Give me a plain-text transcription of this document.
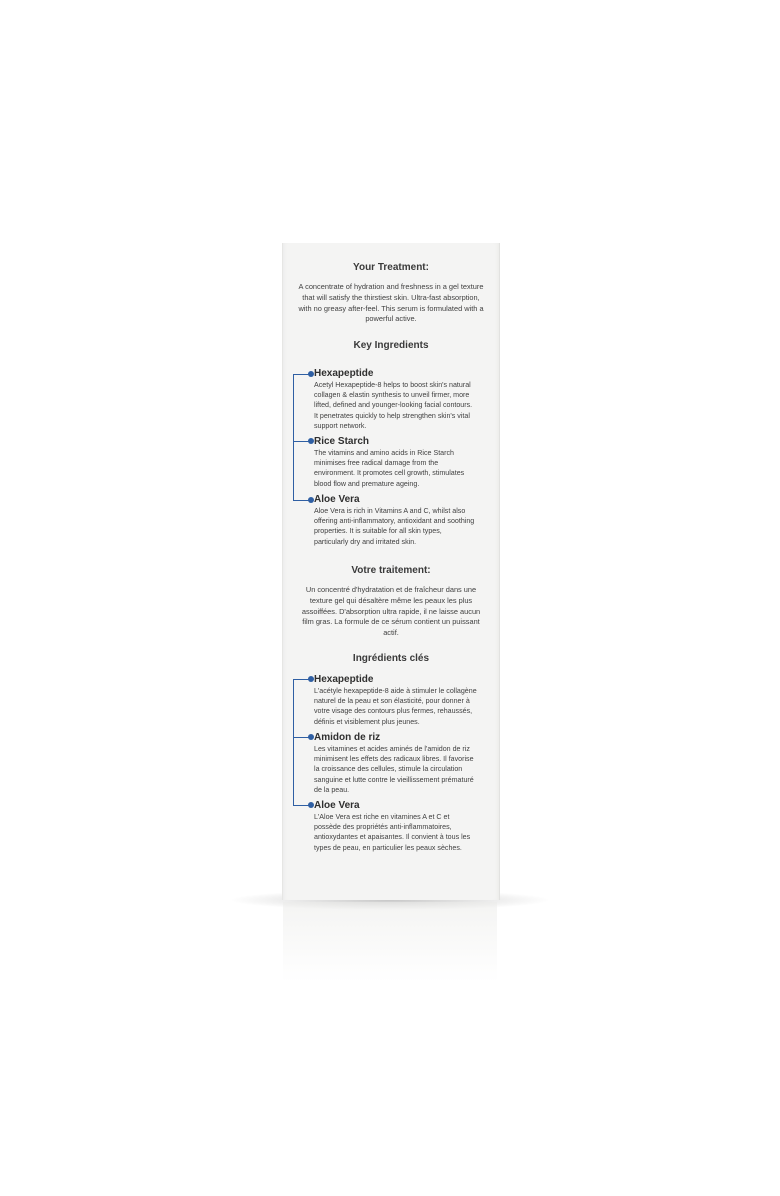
Your Treatment:
A concentrate of hydration and freshness in a gel texture
that will satisfy the thirstiest skin. Ultra-fast absorption,
with no greasy after-feel. This serum is formulated with a
powerful active.
Key Ingredients
Hexapeptide
Acetyl Hexapeptide-8 helps to boost skin's natural
collagen & elastin synthesis to unveil firmer, more
lifted, defined and younger-looking facial contours.
It penetrates quickly to help strengthen skin's vital
support network.
Rice Starch
The vitamins and amino acids in Rice Starch
minimises free radical damage from the
environment. It promotes cell growth, stimulates
blood flow and premature ageing.
Aloe Vera
Aloe Vera is rich in Vitamins A and C, whilst also
offering anti-inflammatory, antioxidant and soothing
properties. It is suitable for all skin types,
particularly dry and irritated skin.
Votre traitement:
Un concentré d'hydratation et de fraîcheur dans une
texture gel qui désaltère même les peaux les plus
assoiffées. D'absorption ultra rapide, il ne laisse aucun
film gras. La formule de ce sérum contient un puissant
actif.
Ingrédients clés
Hexapeptide
L'acétyle hexapeptide-8 aide à stimuler le collagène
naturel de la peau et son élasticité, pour donner à
votre visage des contours plus fermes, rehaussés,
définis et visiblement plus jeunes.
Amidon de riz
Les vitamines et acides aminés de l'amidon de riz
minimisent les effets des radicaux libres. Il favorise
la croissance des cellules, stimule la circulation
sanguine et lutte contre le vieillissement prématuré
de la peau.
Aloe Vera
L'Aloe Vera est riche en vitamines A et C et
possède des propriétés anti-inflammatoires,
antioxydantes et apaisantes. Il convient à tous les
types de peau, en particulier les peaux sèches.
